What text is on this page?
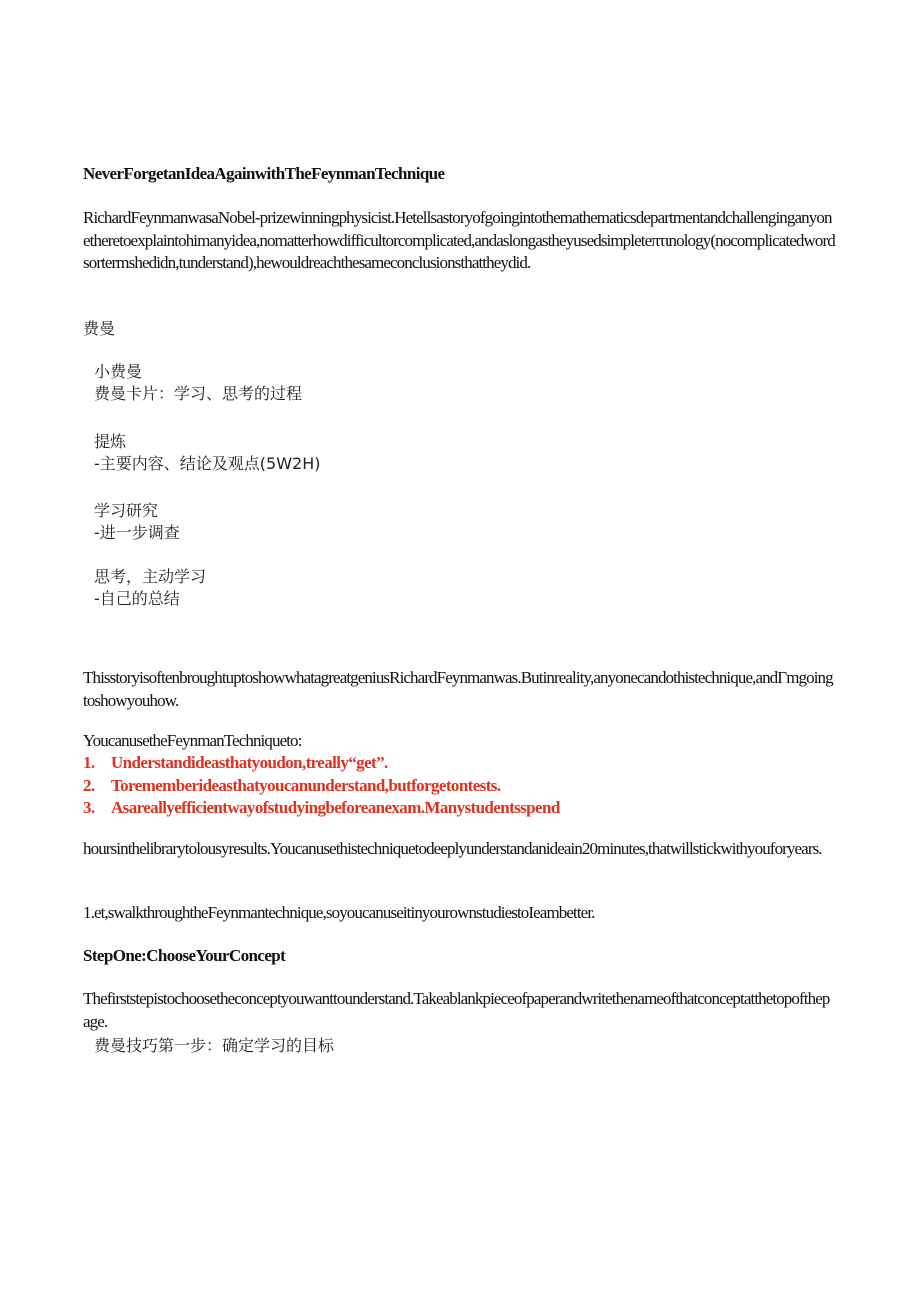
NeverForgetanIdeaAgainwithTheFeynmanTechnique
RichardFeynmanwasaNobel-prizewinningphysicist.Hetellsastoryofgoingintothemathematicsdepartmentandchallenginganyonetheretoexplaintohimanyidea,nomatterhowdifficultorcomplicated,andaslongastheyusedsimpleteπτιnology(nocomplicatedwordsortermshedidn,tunderstand),hewouldreachthesameconclusionsthattheydid.
费曼
小费曼
费曼卡片：学习、思考的过程
提炼
-主要内容、结论及观点(5W2H)
学习研究
-进一步调查
思考，主动学习
-自己的总结
ThisstoryisoftenbroughtuptoshowwhatagreatgeniusRichardFeynmanwas.Butinreality,anyonecandothistechnique,andΓmgoingtoshowyouhow.
YoucanusetheFeynmanTechniqueto:
1. Understandideasthatyoudon,treally“get”.
2. Torememberideasthatyoucanunderstand,butforgetontests.
3. Asareallyefficientwayofstudyingbeforeanexam.Manystudentsspend
hoursinthelibrarytolousyresults.Youcanusethistechniquetodeeplyunderstandanideain20minutes,thatwillstickwithyouforyears.
1.et,swalkthroughtheFeynmantechnique,soyoucanuseitinyourownstudiestoIeambetter.
StepOne:ChooseYourConcept
Thefirststepistochoosetheconceptyouwanttounderstand.Takeablankpieceofpaperandwritethenameofthatconceptatthetopofthepage.
费曼技巧第一步：确定学习的目标
